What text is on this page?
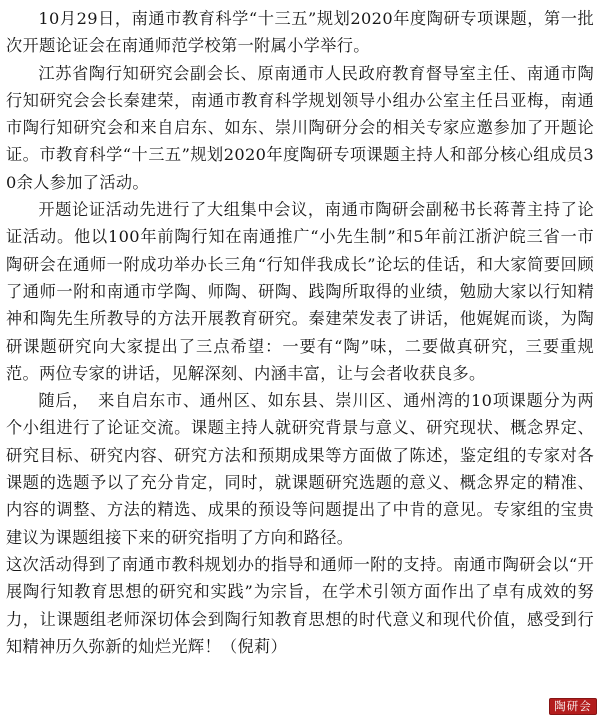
10月29日，南通市教育科学“十三五”规划2020年度陶研专项课题，第一批次开题论证会在南通师范学校第一附属小学举行。

江苏省陶行知研究会副会长、原南通市人民政府教育督导室主任、南通市陶行知研究会会长秦建荣，南通市教育科学规划领导小组办公室主任吕亚梅，南通市陶行知研究会和来自启东、如东、崇川陶研分会的相关专家应邀参加了开题论证。市教育科学“十三五”规划2020年度陶研专项课题主持人和部分核心组成员30余人参加了活动。

开题论证活动先进行了大组集中会议，南通市陶研会副秘书长蒋菁主持了论证活动。他以100年前陶行知在南通推广“小先生制”和5年前江浙沪皖三省一市陶研会在通师一附成功举办长三角“行知伴我成长”论坛的佳话，和大家简要回顾了通师一附和南通市学陶、师陶、研陶、践陶所取得的业绩，勉励大家以行知精神和陶先生所教导的方法开展教育研究。秦建荣发表了讲话，他娓娓而谈，为陶研课题研究向大家提出了三点希望：一要有“陶”味，二要做真研究，三要重规范。两位专家的讲话，见解深刻、内涵丰富，让与会者收获良多。

随后，　来自启东市、通州区、如东县、崇川区、通州湾的10项课题分为两个小组进行了论证交流。课题主持人就研究背景与意义、研究现状、概念界定、研究目标、研究内容、研究方法和预期成果等方面做了陈述，鉴定组的专家对各课题的选题予以了充分肯定，同时，就课题研究选题的意义、概念界定的精准、内容的调整、方法的精选、成果的预设等问题提出了中肯的意见。专家组的宝贵建议为课题组接下来的研究指明了方向和路径。

这次活动得到了南通市教科规划办的指导和通师一附的支持。南通市陶研会以“开展陶行知教育思想的研究和实践”为宗旨，在学术引领方面作出了卓有成效的努力，让课题组老师深切体会到陶行知教育思想的时代意义和现代价值，感受到行知精神历久弥新的灿烂光辉！（倪莉）

陶研会
